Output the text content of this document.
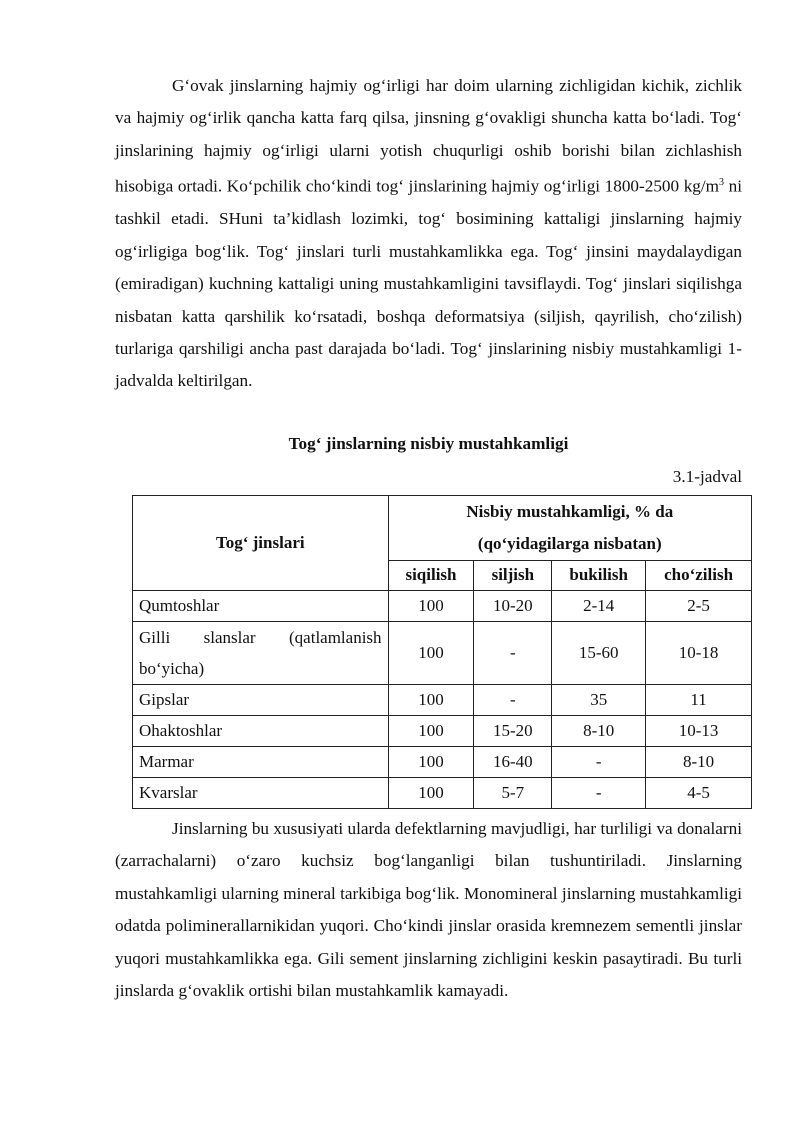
G‘ovak jinslarning hajmiy og‘irligi har doim ularning zichligidan kichik, zichlik va hajmiy og‘irlik qancha katta farq qilsa, jinsning g‘ovakligi shuncha katta bo‘ladi. Tog‘ jinslarining hajmiy og‘irligi ularni yotish chuqurligi oshib borishi bilan zichlashish hisobiga ortadi. Ko‘pchilik cho‘kindi tog‘ jinslarining hajmiy og‘irligi 1800-2500 $kg/m^3$ ni tashkil etadi. SHuni ta’kidlash lozimki, tog‘ bosimining kattaligi jinslarning hajmiy og‘irligiga bog‘lik. Tog‘ jinslari turli mustahkamlikka ega. Tog‘ jinsini maydalaydigan (emiradigan) kuchning kattaligi uning mustahkamligini tavsiflaydi. Tog‘ jinslari siqilishga nisbatan katta qarshilik ko‘rsatadi, boshqa deformatsiya (siljish, qayrilish, cho‘zilish) turlariga qarshiligi ancha past darajada bo‘ladi. Tog‘ jinslarining nisbiy mustahkamligi 1-jadvalda keltirilgan.

Tog‘ jinslarning nisbiy mustahkamligi
3.1-jadval
Tog‘ jinslari	Nisbiy mustahkamligi, % da
(qo‘yidagilarga nisbatan)			

	siqilish	siljish	bukilish	cho‘zilish
Qumtoshlar	100	10-20	2-14	2-5

Gilli slanslar (qatlamlanish
bo‘yicha)	100	-	15-60	10-18
Gipslar	100	-	35	11
Ohaktoshlar	100	15-20	8-10	10-13
Marmar	100	16-40	-	8-10
Kvarslar	100	5-7	-	4-5

Jinslarning bu xususiyati ularda defektlarning mavjudligi, har turliligi va donalarni (zarrachalarni) o‘zaro kuchsiz bog‘langanligi bilan tushuntiriladi. Jinslarning mustahkamligi ularning mineral tarkibiga bog‘lik. Monomineral jinslarning mustahkamligi odatda poliminerallarnikidan yuqori. Cho‘kindi jinslar orasida kremnezem sementli jinslar yuqori mustahkamlikka ega. Gili sement jinslarning zichligini keskin pasaytiradi. Bu turli jinslarda g‘ovaklik ortishi bilan mustahkamlik kamayadi.
